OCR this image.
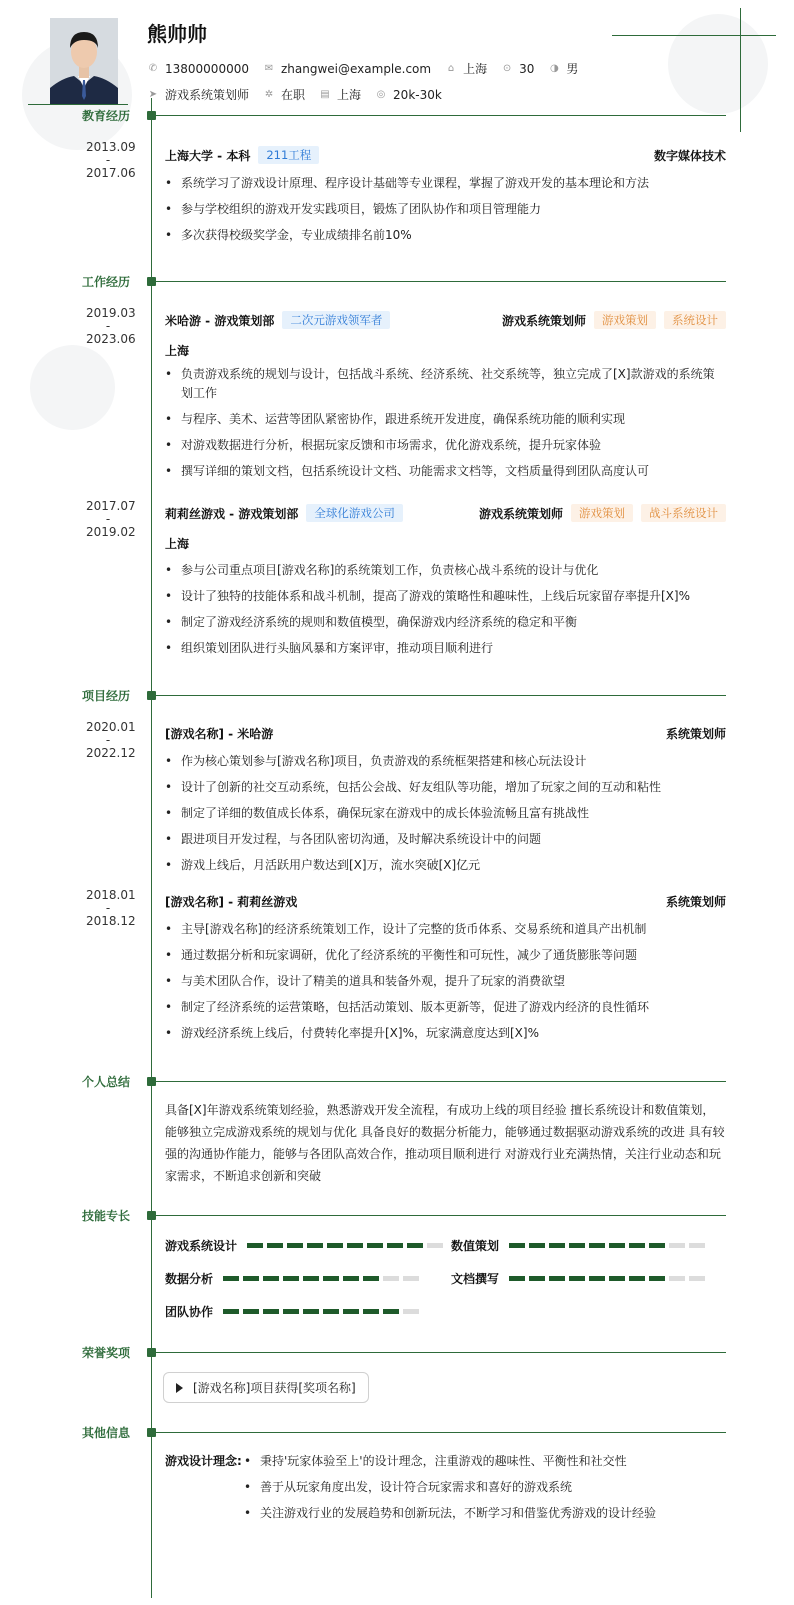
熊帅帅
✆ 13800000000 ✉ zhangwei@example.com ⌂ 上海 ⊙ 30 ◑ 男
➤ 游戏系统策划师 ✲ 在职 ▤ 上海 ◎ 20k-30k
教育经历
2013.09
-
2017.06
上海大学 - 本科	211工程	数字媒体技术
• 系统学习了游戏设计原理、程序设计基础等专业课程，掌握了游戏开发的基本理论和方法
• 参与学校组织的游戏开发实践项目，锻炼了团队协作和项目管理能力
• 多次获得校级奖学金，专业成绩排名前10%
工作经历
2019.03
-
2023.06
米哈游 - 游戏策划部	二次元游戏领军者	游戏系统策划师	游戏策划	系统设计
上海
• 负责游戏系统的规划与设计，包括战斗系统、经济系统、社交系统等，独立完成了[X]款游戏的系统策划工作
• 与程序、美术、运营等团队紧密协作，跟进系统开发进度，确保系统功能的顺利实现
• 对游戏数据进行分析，根据玩家反馈和市场需求，优化游戏系统，提升玩家体验
• 撰写详细的策划文档，包括系统设计文档、功能需求文档等，文档质量得到团队高度认可
2017.07
-
2019.02
莉莉丝游戏 - 游戏策划部	全球化游戏公司	游戏系统策划师	游戏策划	战斗系统设计
上海
• 参与公司重点项目[游戏名称]的系统策划工作，负责核心战斗系统的设计与优化
• 设计了独特的技能体系和战斗机制，提高了游戏的策略性和趣味性，上线后玩家留存率提升[X]%
• 制定了游戏经济系统的规则和数值模型，确保游戏内经济系统的稳定和平衡
• 组织策划团队进行头脑风暴和方案评审，推动项目顺利进行
项目经历
2020.01
-
2022.12
[游戏名称] - 米哈游	系统策划师
• 作为核心策划参与[游戏名称]项目，负责游戏的系统框架搭建和核心玩法设计
• 设计了创新的社交互动系统，包括公会战、好友组队等功能，增加了玩家之间的互动和粘性
• 制定了详细的数值成长体系，确保玩家在游戏中的成长体验流畅且富有挑战性
• 跟进项目开发过程，与各团队密切沟通，及时解决系统设计中的问题
• 游戏上线后，月活跃用户数达到[X]万，流水突破[X]亿元
2018.01
-
2018.12
[游戏名称] - 莉莉丝游戏	系统策划师
• 主导[游戏名称]的经济系统策划工作，设计了完整的货币体系、交易系统和道具产出机制
• 通过数据分析和玩家调研，优化了经济系统的平衡性和可玩性，减少了通货膨胀等问题
• 与美术团队合作，设计了精美的道具和装备外观，提升了玩家的消费欲望
• 制定了经济系统的运营策略，包括活动策划、版本更新等，促进了游戏内经济的良性循环
• 游戏经济系统上线后，付费转化率提升[X]%，玩家满意度达到[X]%
个人总结
具备[X]年游戏系统策划经验，熟悉游戏开发全流程，有成功上线的项目经验 擅长系统设计和数值策划，能够独立完成游戏系统的规划与优化 具备良好的数据分析能力，能够通过数据驱动游戏系统的改进 具有较强的沟通协作能力，能够与各团队高效合作，推动项目顺利进行 对游戏行业充满热情，关注行业动态和玩家需求，不断追求创新和突破
技能专长
游戏系统设计	数值策划
数据分析	文档撰写
团队协作
荣誉奖项
[游戏名称]项目获得[奖项名称]
其他信息
游戏设计理念:
•	秉持'玩家体验至上'的设计理念，注重游戏的趣味性、平衡性和社交性
• 善于从玩家角度出发，设计符合玩家需求和喜好的游戏系统
• 关注游戏行业的发展趋势和创新玩法，不断学习和借鉴优秀游戏的设计经验
